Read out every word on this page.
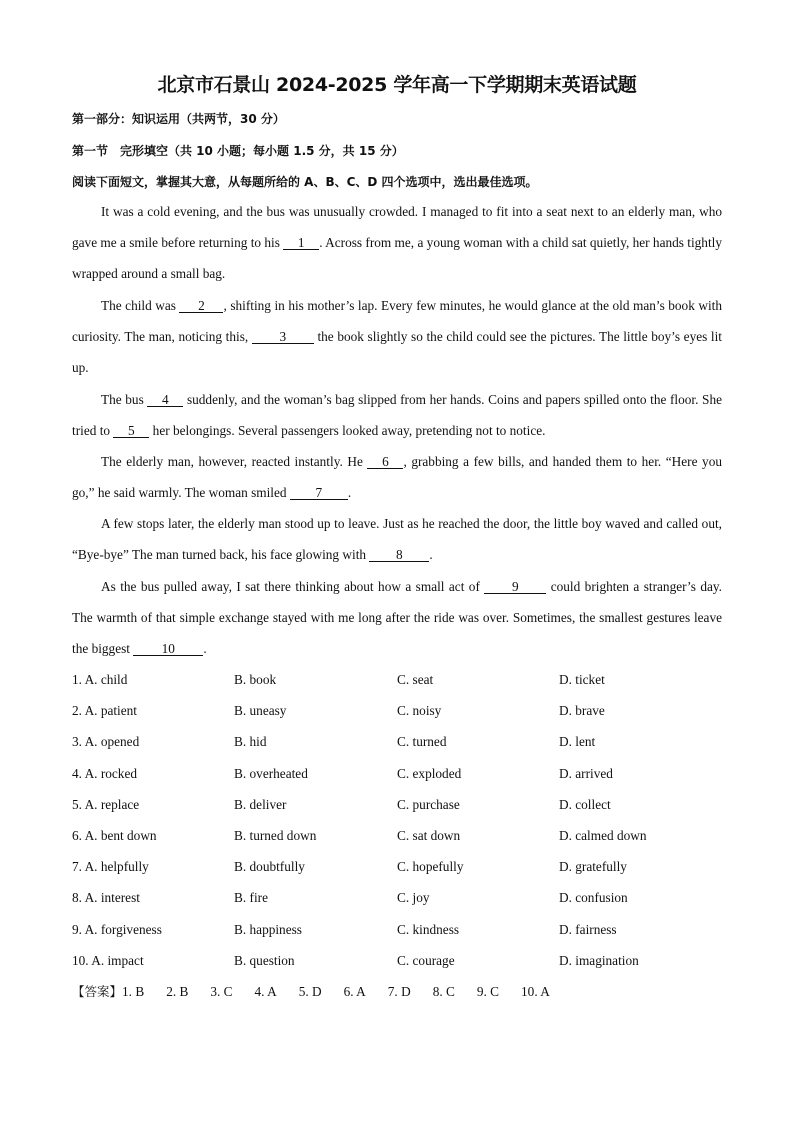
北京市石景山 2024-2025 学年高一下学期期末英语试题
第一部分：知识运用（共两节，30 分）
第一节　完形填空（共 10 小题；每小题 1.5 分，共 15 分）
阅读下面短文，掌握其大意，从每题所给的 A、B、C、D 四个选项中，选出最佳选项。

It was a cold evening, and the bus was unusually crowded. I managed to fit into a seat next to an elderly man, who gave me a smile before returning to his 1 . Across from me, a young woman with a child sat quietly, her hands tightly wrapped around a small bag.

The child was 2 , shifting in his mother’s lap. Every few minutes, he would glance at the old man’s book with curiosity. The man, noticing this, 3 the book slightly so the child could see the pictures. The little boy’s eyes lit up.

The bus 4 suddenly, and the woman’s bag slipped from her hands. Coins and papers spilled onto the floor. She tried to 5 her belongings. Several passengers looked away, pretending not to notice.

The elderly man, however, reacted instantly. He 6 , grabbing a few bills, and handed them to her. “Here you go,” he said warmly. The woman smiled 7 .

A few stops later, the elderly man stood up to leave. Just as he reached the door, the little boy waved and called out, “Bye-bye” The man turned back, his face glowing with 8 .

As the bus pulled away, I sat there thinking about how a small act of 9 could brighten a stranger’s day. The warmth of that simple exchange stayed with me long after the ride was over. Sometimes, the smallest gestures leave the biggest 10 .

1. A. child	B. book	C. seat	D. ticket
2. A. patient	B. uneasy	C. noisy	D. brave
3. A. opened	B. hid	C. turned	D. lent
4. A. rocked	B. overheated	C. exploded	D. arrived
5. A. replace	B. deliver	C. purchase	D. collect
6. A. bent down	B. turned down	C. sat down	D. calmed down
7. A. helpfully	B. doubtfully	C. hopefully	D. gratefully
8. A. interest	B. fire	C. joy	D. confusion
9. A. forgiveness	B. happiness	C. kindness	D. fairness
10. A. impact	B. question	C. courage	D. imagination
【答案】1. B 2. B 3. C 4. A 5. D 6. A 7. D 8. C 9. C 10. A
